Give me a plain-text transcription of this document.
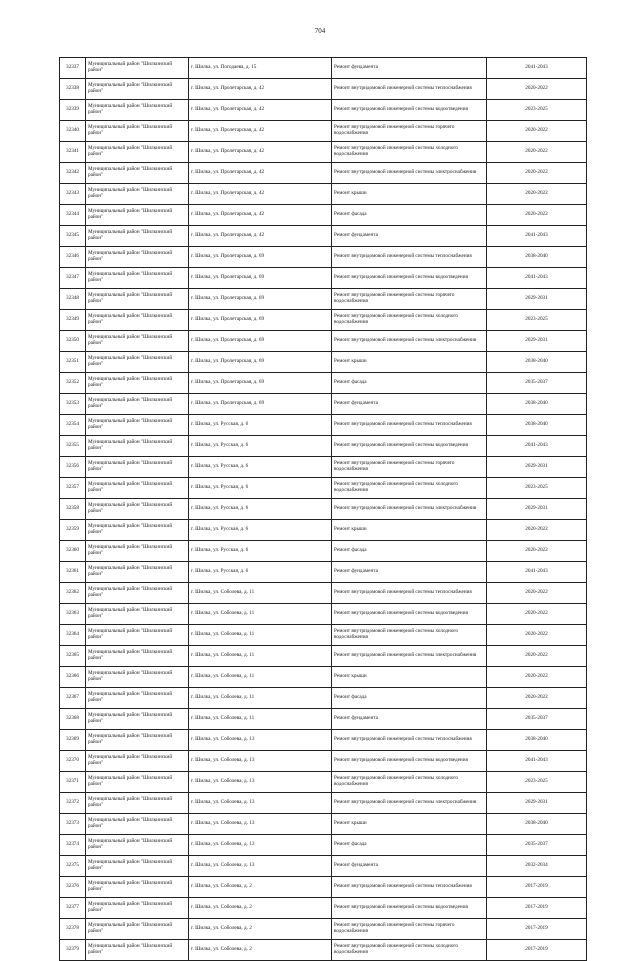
704
32337	Муниципальный район "Шилкинский район"	г. Шилка, ул. Погодаева, д. 15	Ремонт фундамента	2041-2043
32338	Муниципальный район "Шилкинский район"	г. Шилка, ул. Пролетарская, д. 42	Ремонт внутридомовой инженерной системы теплоснабжения	2020-2022
32339	Муниципальный район "Шилкинский район"	г. Шилка, ул. Пролетарская, д. 42	Ремонт внутридомовой инженерной системы водоотведения	2023-2025
32340	Муниципальный район "Шилкинский район"	г. Шилка, ул. Пролетарская, д. 42	Ремонт внутридомовой инженерной системы горячего водоснабжения	2020-2022
32341	Муниципальный район "Шилкинский район"	г. Шилка, ул. Пролетарская, д. 42	Ремонт внутридомовой инженерной системы холодного водоснабжения	2020-2022
32342	Муниципальный район "Шилкинский район"	г. Шилка, ул. Пролетарская, д. 42	Ремонт внутридомовой инженерной системы электроснабжения	2020-2022
32343	Муниципальный район "Шилкинский район"	г. Шилка, ул. Пролетарская, д. 42	Ремонт крыши	2020-2022
32344	Муниципальный район "Шилкинский район"	г. Шилка, ул. Пролетарская, д. 42	Ремонт фасада	2020-2022
32345	Муниципальный район "Шилкинский район"	г. Шилка, ул. Пролетарская, д. 42	Ремонт фундамента	2041-2043
32346	Муниципальный район "Шилкинский район"	г. Шилка, ул. Пролетарская, д. 69	Ремонт внутридомовой инженерной системы теплоснабжения	2038-2040
32347	Муниципальный район "Шилкинский район"	г. Шилка, ул. Пролетарская, д. 69	Ремонт внутридомовой инженерной системы водоотведения	2041-2043
32348	Муниципальный район "Шилкинский район"	г. Шилка, ул. Пролетарская, д. 69	Ремонт внутридомовой инженерной системы горячего водоснабжения	2029-2031
32349	Муниципальный район "Шилкинский район"	г. Шилка, ул. Пролетарская, д. 69	Ремонт внутридомовой инженерной системы холодного водоснабжения	2023-2025
32350	Муниципальный район "Шилкинский район"	г. Шилка, ул. Пролетарская, д. 69	Ремонт внутридомовой инженерной системы электроснабжения	2029-2031
32351	Муниципальный район "Шилкинский район"	г. Шилка, ул. Пролетарская, д. 69	Ремонт крыши	2038-2040
32352	Муниципальный район "Шилкинский район"	г. Шилка, ул. Пролетарская, д. 69	Ремонт фасада	2035-2037
32353	Муниципальный район "Шилкинский район"	г. Шилка, ул. Пролетарская, д. 69	Ремонт фундамента	2038-2040
32354	Муниципальный район "Шилкинский район"	г. Шилка, ул. Русская, д. 6	Ремонт внутридомовой инженерной системы теплоснабжения	2038-2040
32355	Муниципальный район "Шилкинский район"	г. Шилка, ул. Русская, д. 6	Ремонт внутридомовой инженерной системы водоотведения	2041-2043
32356	Муниципальный район "Шилкинский район"	г. Шилка, ул. Русская, д. 6	Ремонт внутридомовой инженерной системы горячего водоснабжения	2029-2031
32357	Муниципальный район "Шилкинский район"	г. Шилка, ул. Русская, д. 6	Ремонт внутридомовой инженерной системы холодного водоснабжения	2023-2025
32358	Муниципальный район "Шилкинский район"	г. Шилка, ул. Русская, д. 6	Ремонт внутридомовой инженерной системы электроснабжения	2029-2031
32359	Муниципальный район "Шилкинский район"	г. Шилка, ул. Русская, д. 6	Ремонт крыши	2020-2022
32360	Муниципальный район "Шилкинский район"	г. Шилка, ул. Русская, д. 6	Ремонт фасада	2020-2022
32361	Муниципальный район "Шилкинский район"	г. Шилка, ул. Русская, д. 6	Ремонт фундамента	2041-2043
32362	Муниципальный район "Шилкинский район"	г. Шилка, ул. Соболева, д. 11	Ремонт внутридомовой инженерной системы теплоснабжения	2020-2022
32363	Муниципальный район "Шилкинский район"	г. Шилка, ул. Соболева, д. 11	Ремонт внутридомовой инженерной системы водоотведения	2020-2022
32364	Муниципальный район "Шилкинский район"	г. Шилка, ул. Соболева, д. 11	Ремонт внутридомовой инженерной системы холодного водоснабжения	2020-2022
32365	Муниципальный район "Шилкинский район"	г. Шилка, ул. Соболева, д. 11	Ремонт внутридомовой инженерной системы электроснабжения	2020-2022
32366	Муниципальный район "Шилкинский район"	г. Шилка, ул. Соболева, д. 11	Ремонт крыши	2020-2022
32367	Муниципальный район "Шилкинский район"	г. Шилка, ул. Соболева, д. 11	Ремонт фасада	2020-2022
32368	Муниципальный район "Шилкинский район"	г. Шилка, ул. Соболева, д. 11	Ремонт фундамента	2035-2037
32369	Муниципальный район "Шилкинский район"	г. Шилка, ул. Соболева, д. 13	Ремонт внутридомовой инженерной системы теплоснабжения	2038-2040
32370	Муниципальный район "Шилкинский район"	г. Шилка, ул. Соболева, д. 13	Ремонт внутридомовой инженерной системы водоотведения	2041-2043
32371	Муниципальный район "Шилкинский район"	г. Шилка, ул. Соболева, д. 13	Ремонт внутридомовой инженерной системы холодного водоснабжения	2023-2025
32372	Муниципальный район "Шилкинский район"	г. Шилка, ул. Соболева, д. 13	Ремонт внутридомовой инженерной системы электроснабжения	2029-2031
32373	Муниципальный район "Шилкинский район"	г. Шилка, ул. Соболева, д. 13	Ремонт крыши	2038-2040
32374	Муниципальный район "Шилкинский район"	г. Шилка, ул. Соболева, д. 13	Ремонт фасада	2035-2037
32375	Муниципальный район "Шилкинский район"	г. Шилка, ул. Соболева, д. 13	Ремонт фундамента	2032-2034
32376	Муниципальный район "Шилкинский район"	г. Шилка, ул. Соболева, д. 2	Ремонт внутридомовой инженерной системы теплоснабжения	2017-2019
32377	Муниципальный район "Шилкинский район"	г. Шилка, ул. Соболева, д. 2	Ремонт внутридомовой инженерной системы водоотведения	2017-2019
32378	Муниципальный район "Шилкинский район"	г. Шилка, ул. Соболева, д. 2	Ремонт внутридомовой инженерной системы горячего водоснабжения	2017-2019
32379	Муниципальный район "Шилкинский район"	г. Шилка, ул. Соболева, д. 2	Ремонт внутридомовой инженерной системы холодного водоснабжения	2017-2019
